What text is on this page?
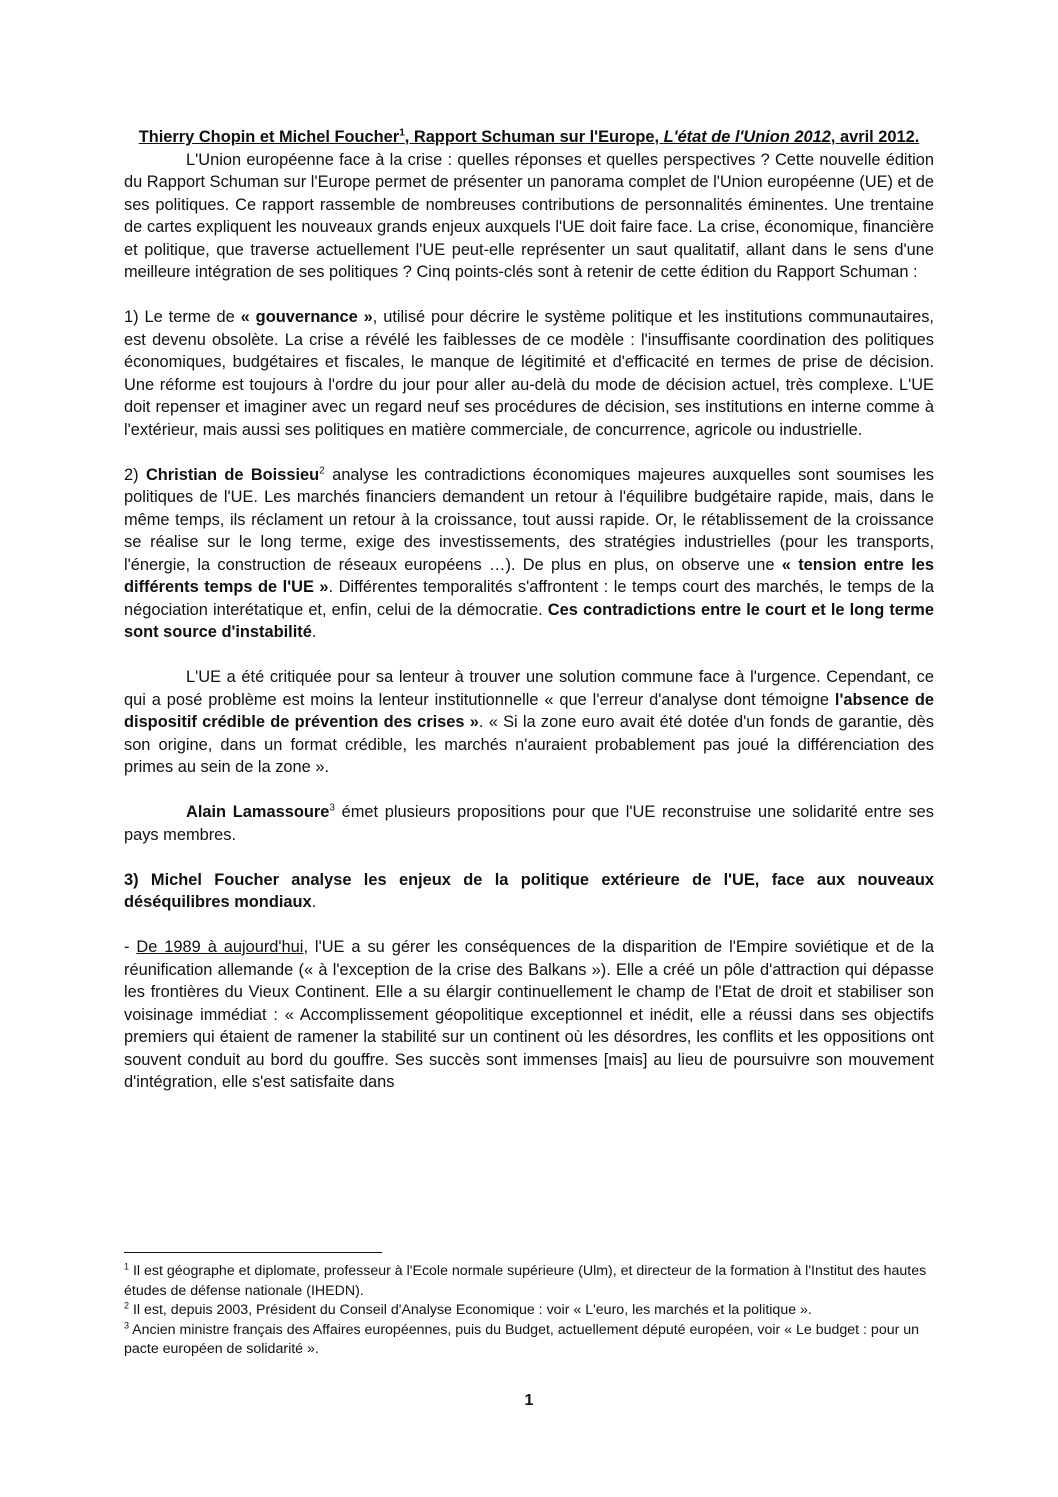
Thierry Chopin et Michel Foucher$^1$, Rapport Schuman sur l'Europe, L'état de l'Union 2012, avril 2012.

L'Union européenne face à la crise : quelles réponses et quelles perspectives ? Cette nouvelle édition du Rapport Schuman sur l'Europe permet de présenter un panorama complet de l'Union européenne (UE) et de ses politiques. Ce rapport rassemble de nombreuses contributions de personnalités éminentes. Une trentaine de cartes expliquent les nouveaux grands enjeux auxquels l'UE doit faire face. La crise, économique, financière et politique, que traverse actuellement l'UE peut-elle représenter un saut qualitatif, allant dans le sens d'une meilleure intégration de ses politiques ? Cinq points-clés sont à retenir de cette édition du Rapport Schuman :

1) Le terme de « gouvernance », utilisé pour décrire le système politique et les institutions communautaires, est devenu obsolète. La crise a révélé les faiblesses de ce modèle : l'insuffisante coordination des politiques économiques, budgétaires et fiscales, le manque de légitimité et d'efficacité en termes de prise de décision. Une réforme est toujours à l'ordre du jour pour aller au-delà du mode de décision actuel, très complexe. L'UE doit repenser et imaginer avec un regard neuf ses procédures de décision, ses institutions en interne comme à l'extérieur, mais aussi ses politiques en matière commerciale, de concurrence, agricole ou industrielle.

2) Christian de Boissieu$^2$ analyse les contradictions économiques majeures auxquelles sont soumises les politiques de l'UE. Les marchés financiers demandent un retour à l'équilibre budgétaire rapide, mais, dans le même temps, ils réclament un retour à la croissance, tout aussi rapide. Or, le rétablissement de la croissance se réalise sur le long terme, exige des investissements, des stratégies industrielles (pour les transports, l'énergie, la construction de réseaux européens …). De plus en plus, on observe une « tension entre les différents temps de l'UE ». Différentes temporalités s'affrontent : le temps court des marchés, le temps de la négociation interétatique et, enfin, celui de la démocratie. Ces contradictions entre le court et le long terme sont source d'instabilité.

L'UE a été critiquée pour sa lenteur à trouver une solution commune face à l'urgence. Cependant, ce qui a posé problème est moins la lenteur institutionnelle « que l'erreur d'analyse dont témoigne l'absence de dispositif crédible de prévention des crises ». « Si la zone euro avait été dotée d'un fonds de garantie, dès son origine, dans un format crédible, les marchés n'auraient probablement pas joué la différenciation des primes au sein de la zone ».

Alain Lamassoure$^3$ émet plusieurs propositions pour que l'UE reconstruise une solidarité entre ses pays membres.

3) Michel Foucher analyse les enjeux de la politique extérieure de l'UE, face aux nouveaux déséquilibres mondiaux.

- De 1989 à aujourd'hui, l'UE a su gérer les conséquences de la disparition de l'Empire soviétique et de la réunification allemande (« à l'exception de la crise des Balkans »). Elle a créé un pôle d'attraction qui dépasse les frontières du Vieux Continent. Elle a su élargir continuellement le champ de l'Etat de droit et stabiliser son voisinage immédiat : « Accomplissement géopolitique exceptionnel et inédit, elle a réussi dans ses objectifs premiers qui étaient de ramener la stabilité sur un continent où les désordres, les conflits et les oppositions ont souvent conduit au bord du gouffre. Ses succès sont immenses [mais] au lieu de poursuivre son mouvement d'intégration, elle s'est satisfaite dans

$^1$ Il est géographe et diplomate, professeur à l'Ecole normale supérieure (Ulm), et directeur de la formation à l'Institut des hautes études de défense nationale (IHEDN).

$^2$ Il est, depuis 2003, Président du Conseil d'Analyse Economique : voir « L'euro, les marchés et la politique ».

$^3$ Ancien ministre français des Affaires européennes, puis du Budget, actuellement député européen, voir « Le budget : pour un pacte européen de solidarité ».

1
